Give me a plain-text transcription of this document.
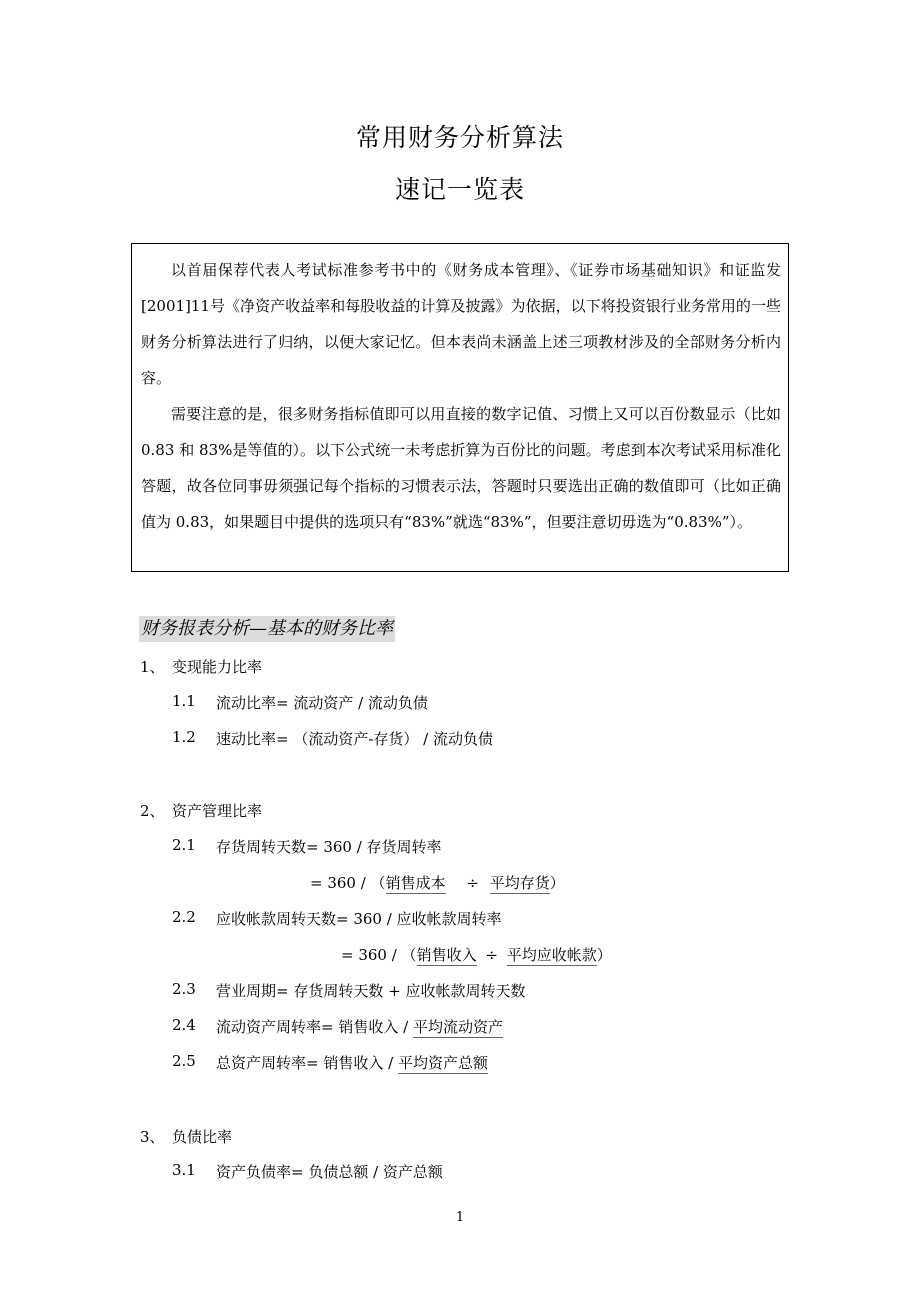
常用财务分析算法
速记一览表
以首届保荐代表人考试标准参考书中的《财务成本管理》、《证券市场基础知识》和证监发[2001]11号《净资产收益率和每股收益的计算及披露》为依据，以下将投资银行业务常用的一些财务分析算法进行了归纳，以便大家记忆。但本表尚未涵盖上述三项教材涉及的全部财务分析内容。
需要注意的是，很多财务指标值即可以用直接的数字记值、习惯上又可以百份数显示（比如 0.83 和 83%是等值的）。以下公式统一未考虑折算为百份比的问题。考虑到本次考试采用标准化答题，故各位同事毋须强记每个指标的习惯表示法，答题时只要选出正确的数值即可（比如正确值为 0.83，如果题目中提供的选项只有“83%”就选“83%”，但要注意切毋选为“0.83%”）。
财务报表分析—基本的财务比率
1、 变现能力比率
1.1 流动比率= 流动资产 / 流动负债
1.2 速动比率= （流动资产-存货） / 流动负债
2、 资产管理比率
2.1 存货周转天数= 360 / 存货周转率
= 360 / （销售成本 ÷ 平均存货）
2.2 应收帐款周转天数= 360 / 应收帐款周转率
= 360 / （销售收入 ÷ 平均应收帐款）
2.3 营业周期= 存货周转天数 + 应收帐款周转天数
2.4 流动资产周转率= 销售收入 / 平均流动资产
2.5 总资产周转率= 销售收入 / 平均资产总额
3、 负债比率
3.1 资产负债率= 负债总额 / 资产总额
1
